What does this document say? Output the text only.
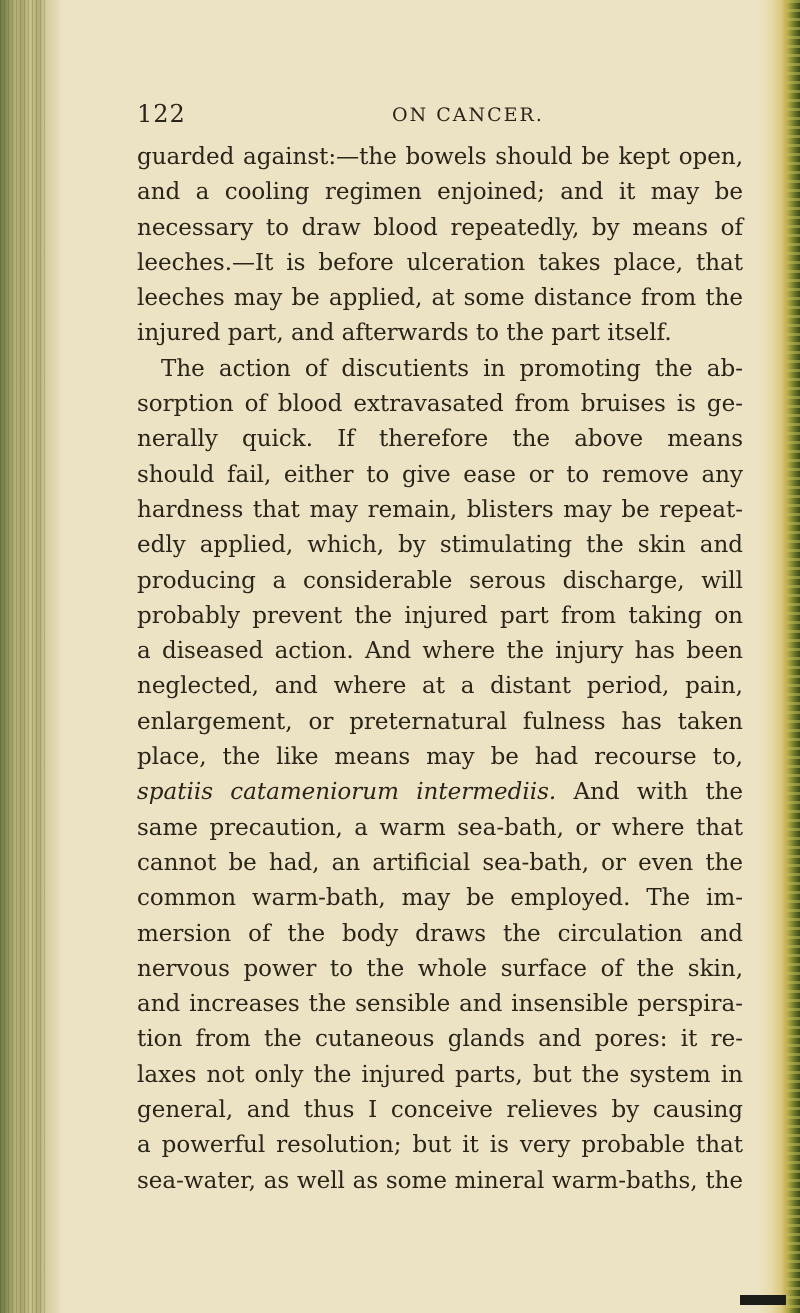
122	ON CANCER.
guarded against:—the bowels should be kept open,
and a cooling regimen enjoined; and it may be
necessary to draw blood repeatedly, by means of
leeches.—It is before ulceration takes place, that
leeches may be applied, at some distance from the
injured part, and afterwards to the part itself.
The action of discutients in promoting the ab-
sorption of blood extravasated from bruises is ge-
nerally quick. If therefore the above means
should fail, either to give ease or to remove any
hardness that may remain, blisters may be repeat-
edly applied, which, by stimulating the skin and
producing a considerable serous discharge, will
probably prevent the injured part from taking on
a diseased action. And where the injury has been
neglected, and where at a distant period, pain,
enlargement, or preternatural fulness has taken
place, the like means may be had recourse to,
spatiis catameniorum intermediis. And with the
same precaution, a warm sea-bath, or where that
cannot be had, an artificial sea-bath, or even the
common warm-bath, may be employed. The im-
mersion of the body draws the circulation and
nervous power to the whole surface of the skin,
and increases the sensible and insensible perspira-
tion from the cutaneous glands and pores: it re-
laxes not only the injured parts, but the system in
general, and thus I conceive relieves by causing
a powerful resolution; but it is very probable that
sea-water, as well as some mineral warm-baths, the
